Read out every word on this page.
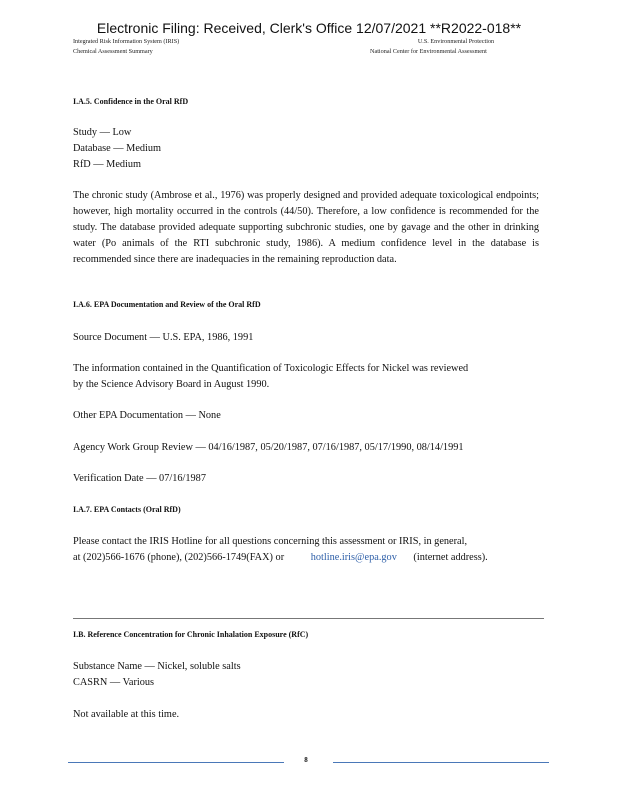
Electronic Filing: Received, Clerk's Office 12/07/2021 **R2022-018**
Integrated Risk Information System (IRIS)
Chemical Assessment Summary
U.S. Environmental Protection
National Center for Environmental Assessment
I.A.5. Confidence in the Oral RfD
Study — Low
Database — Medium
RfD — Medium
The chronic study (Ambrose et al., 1976) was properly designed and provided adequate toxicological endpoints; however, high mortality occurred in the controls (44/50). Therefore, a low confidence is recommended for the study. The database provided adequate supporting subchronic studies, one by gavage and the other in drinking water (Po animals of the RTI subchronic study, 1986). A medium confidence level in the database is recommended since there are inadequacies in the remaining reproduction data.
I.A.6. EPA Documentation and Review of the Oral RfD
Source Document — U.S. EPA, 1986, 1991
The information contained in the Quantification of Toxicologic Effects for Nickel was reviewed
by the Science Advisory Board in August 1990.
Other EPA Documentation — None
Agency Work Group Review — 04/16/1987, 05/20/1987, 07/16/1987, 05/17/1990, 08/14/1991
Verification Date — 07/16/1987
I.A.7. EPA Contacts (Oral RfD)
Please contact the IRIS Hotline for all questions concerning this assessment or IRIS, in general,
at (202)566-1676 (phone), (202)566-1749(FAX) or	hotline.iris@epa.gov (internet address).
I.B. Reference Concentration for Chronic Inhalation Exposure (RfC)
Substance Name — Nickel, soluble salts
CASRN — Various
Not available at this time.
8
